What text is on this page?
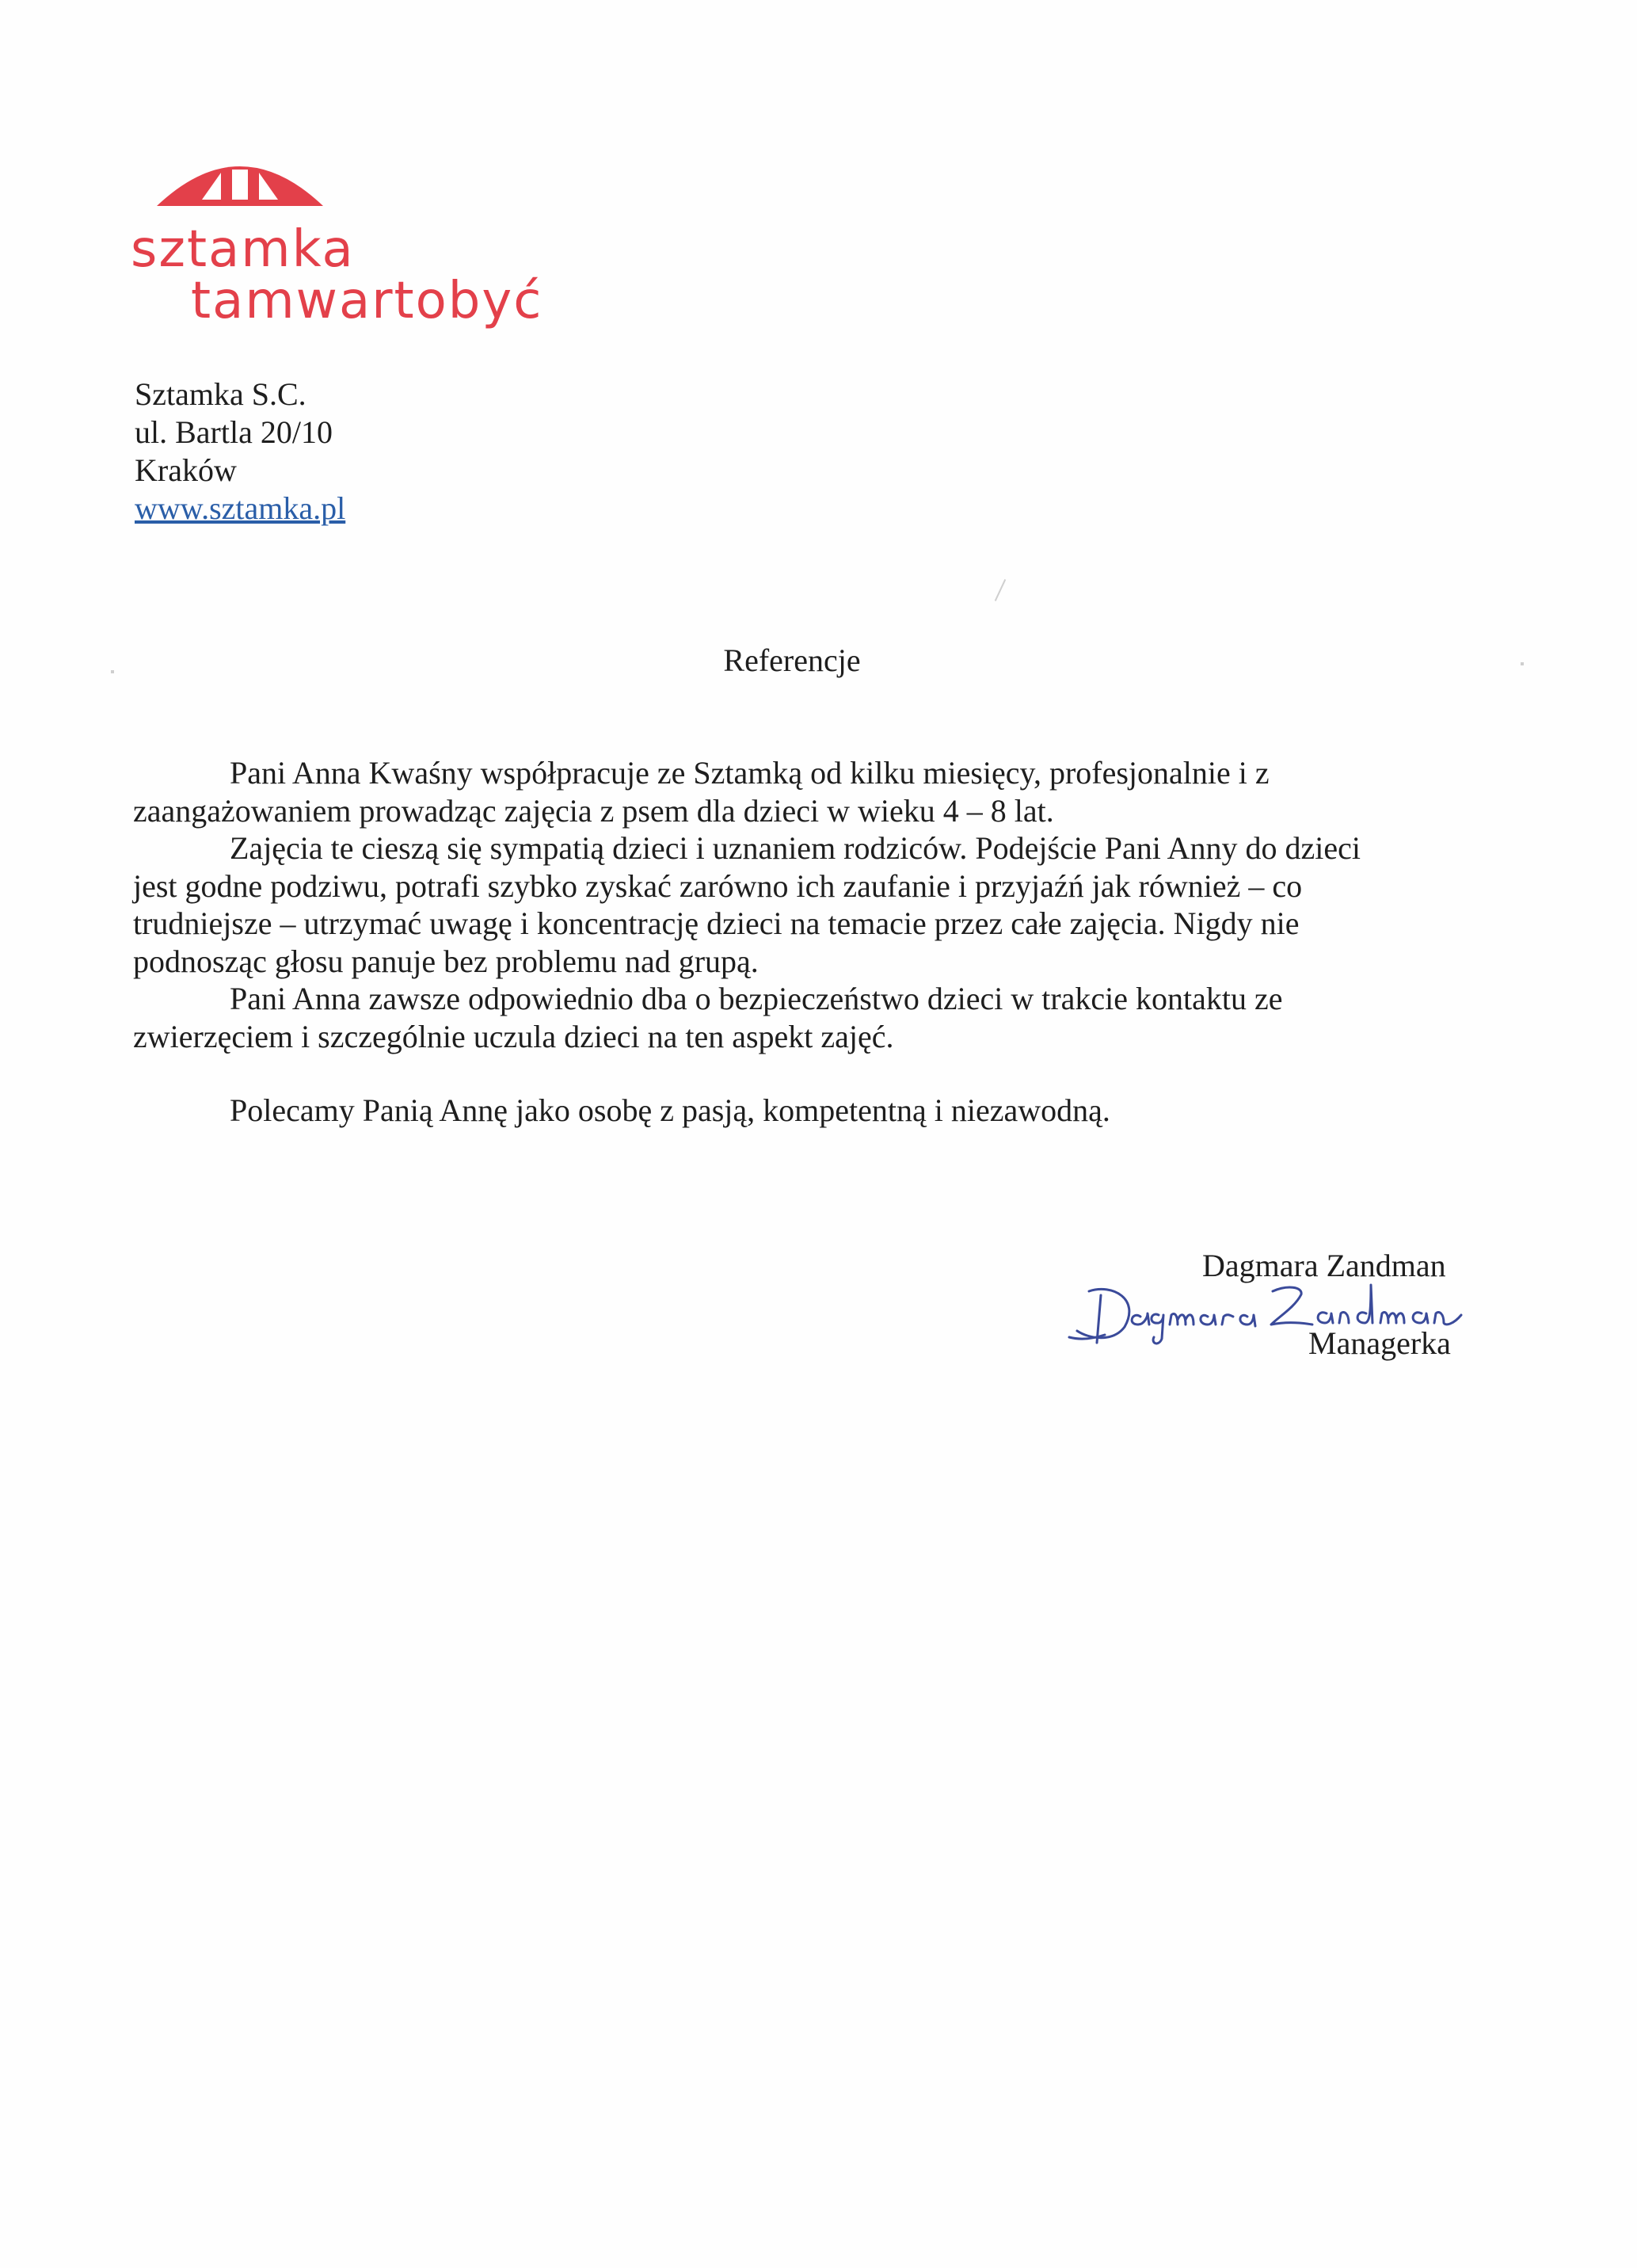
sztamka
tamwartobyć
Sztamka S.C.
ul. Bartla 20/10
Kraków
www.sztamka.pl
Referencje
Pani Anna Kwaśny współpracuje ze Sztamką od kilku miesięcy, profesjonalnie i z
zaangażowaniem prowadząc zajęcia z psem dla dzieci w wieku 4 – 8 lat.
Zajęcia te cieszą się sympatią dzieci i uznaniem rodziców. Podejście Pani Anny do dzieci
jest godne podziwu, potrafi szybko zyskać zarówno ich zaufanie i przyjaźń jak również – co
trudniejsze – utrzymać uwagę i koncentrację dzieci na temacie przez całe zajęcia. Nigdy nie
podnosząc głosu panuje bez problemu nad grupą.
Pani Anna zawsze odpowiednio dba o bezpieczeństwo dzieci w trakcie kontaktu ze
zwierzęciem i szczególnie uczula dzieci na ten aspekt zajęć.
Polecamy Panią Annę jako osobę z pasją, kompetentną i niezawodną.
Dagmara Zandman
Managerka
